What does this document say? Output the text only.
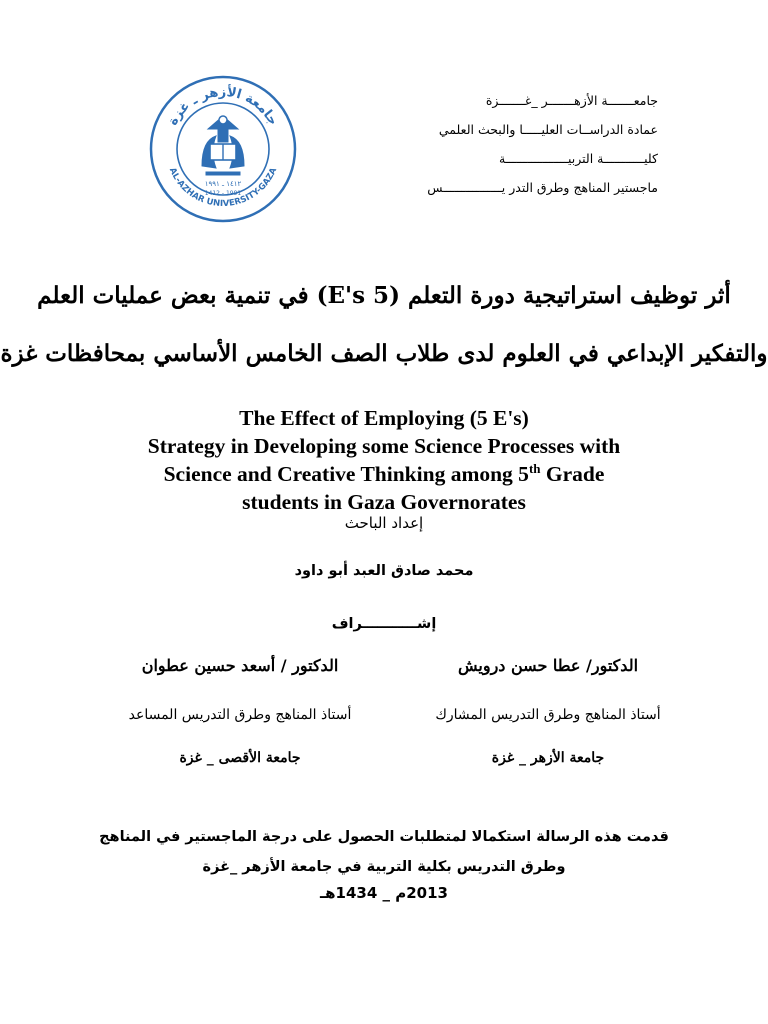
جامعـــــــة الأزهـــــــر _غـــــــزة
عمادة الدراســات العليـــــا والبحث العلمي
كليـــــــــــة التربيـــــــــــــــــة
ماجستير المناهج وطرق التدر يــــــــــــــــس
جامعة الأزهر ـ غزة
AL-AZHAR UNIVERSITY-GAZA
١٤١٢ ـ ١٩٩١
1412 - 1991
أثر توظيف استراتيجية دورة التعلم (5 E's) في تنمية بعض عمليات العلم
والتفكير الإبداعي في العلوم لدى طلاب الصف الخامس الأساسي بمحافظات غزة
The Effect of Employing (5 E's)
Strategy in Developing some Science Processes with
Science and Creative Thinking among 5th Grade
students in Gaza Governorates
إعداد الباحث
محمد صادق العبد أبو داود
إشـــــــــــراف
الدكتور/ عطا حسن درويش
الدكتور / أسعد حسين عطوان
أستاذ المناهج وطرق التدريس المشارك
أستاذ المناهج وطرق التدريس المساعد
جامعة الأزهر _ غزة
جامعة الأقصى _ غزة
قدمت هذه الرسالة استكمالا لمتطلبات الحصول على درجة الماجستير في المناهج
وطرق التدريس بكلية التربية في جامعة الأزهر _غزة
2013م _ 1434هـ
